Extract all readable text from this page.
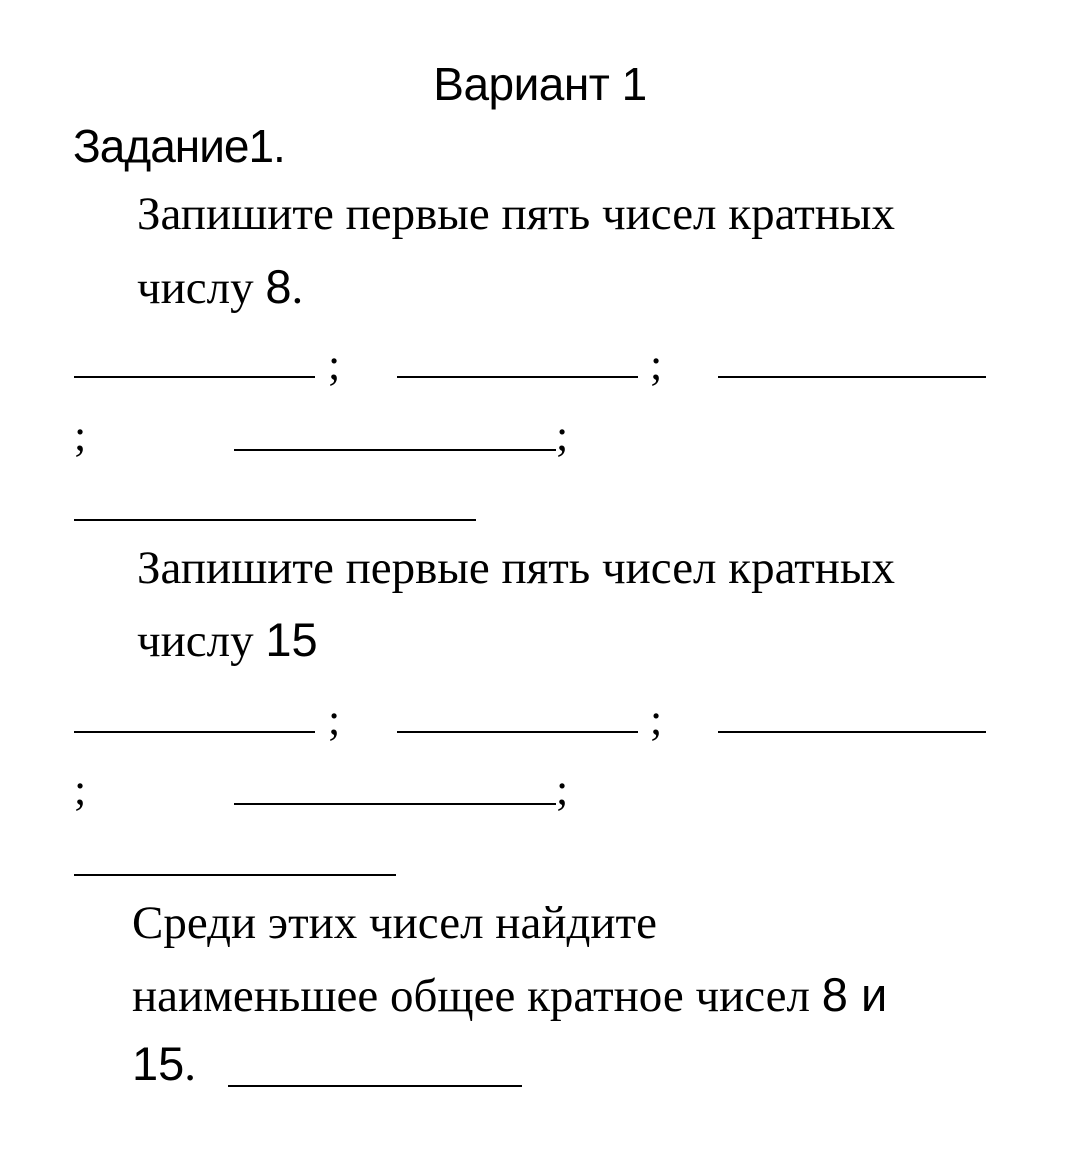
Вариант 1
Задание1.
Запишите первые пять чисел кратных
числу 8.
;	;
;	;
Запишите первые пять чисел кратных
числу 15
;	;
;	;
Среди этих чисел найдите
наименьшее общее кратное чисел 8 и
15.
